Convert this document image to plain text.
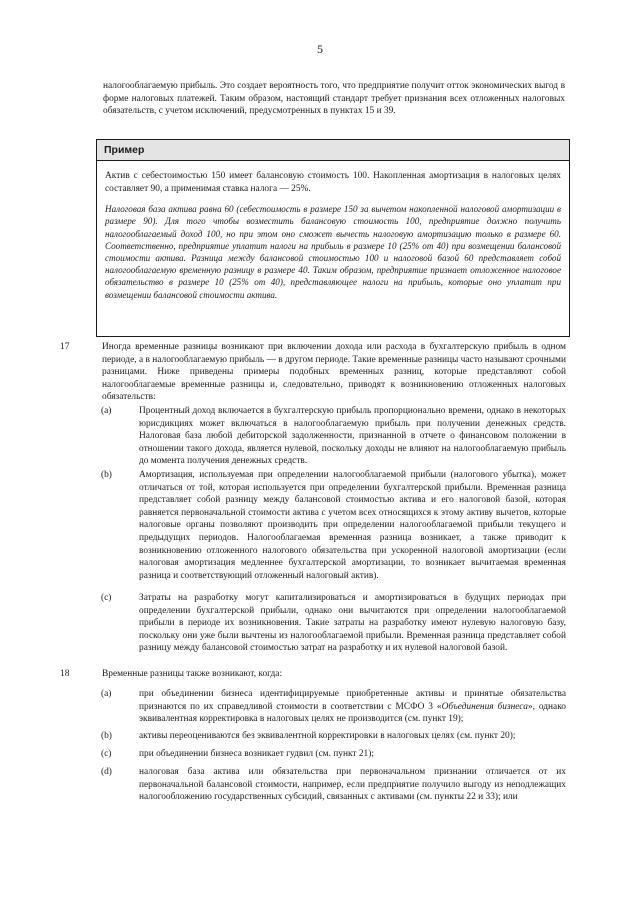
5
налогооблагаемую прибыль. Это создает вероятность того, что предприятие получит отток экономических выгод в форме налоговых платежей. Таким образом, настоящий стандарт требует признания всех отложенных налоговых обязательств, с учетом исключений, предусмотренных в пунктах 15 и 39.
Пример
Актив с себестоимостью 150 имеет балансовую стоимость 100. Накопленная амортизация в налоговых целях составляет 90, а применимая ставка налога — 25%.
Налоговая база актива равна 60 (себестоимость в размере 150 за вычетом накопленной налоговой амортизации в размере 90). Для того чтобы возместить балансовую стоимость 100, предприятие должно получить налогооблагаемый доход 100, но при этом оно сможет вычесть налоговую амортизацию только в размере 60. Соответственно, предприятие уплатит налоги на прибыль в размере 10 (25% от 40) при возмещении балансовой стоимости актива. Разница между балансовой стоимостью 100 и налоговой базой 60 представляет собой налогооблагаемую временную разницу в размере 40. Таким образом, предприятие признает отложенное налоговое обязательство в размере 10 (25% от 40), представляющее налоги на прибыль, которые оно уплатит при возмещении балансовой стоимости актива.
17	Иногда временные разницы возникают при включении дохода или расхода в бухгалтерскую прибыль в одном периоде, а в налогооблагаемую прибыль — в другом периоде. Такие временные разницы часто называют срочными разницами. Ниже приведены примеры подобных временных разниц, которые представляют собой налогооблагаемые временные разницы и, следовательно, приводят к возникновению отложенных налоговых обязательств:
(a)	Процентный доход включается в бухгалтерскую прибыль пропорционально времени, однако в некоторых юрисдикциях может включаться в налогооблагаемую прибыль при получении денежных средств. Налоговая база любой дебиторской задолженности, признанной в отчете о финансовом положении в отношении такого дохода, является нулевой, поскольку доходы не влияют на налогооблагаемую прибыль до момента получения денежных средств.
(b)	Амортизация, используемая при определении налогооблагаемой прибыли (налогового убытка), может отличаться от той, которая используется при определении бухгалтерской прибыли. Временная разница представляет собой разницу между балансовой стоимостью актива и его налоговой базой, которая равняется первоначальной стоимости актива с учетом всех относящихся к этому активу вычетов, которые налоговые органы позволяют производить при определении налогооблагаемой прибыли текущего и предыдущих периодов. Налогооблагаемая временная разница возникает, а также приводит к возникновению отложенного налогового обязательства при ускоренной налоговой амортизации (если налоговая амортизация медленнее бухгалтерской амортизации, то возникает вычитаемая временная разница и соответствующий отложенный налоговый актив).
(c)	Затраты на разработку могут капитализироваться и амортизироваться в будущих периодах при определении бухгалтерской прибыли, однако они вычитаются при определении налогооблагаемой прибыли в периоде их возникновения. Такие затраты на разработку имеют нулевую налоговую базу, поскольку они уже были вычтены из налогооблагаемой прибыли. Временная разница представляет собой разницу между балансовой стоимостью затрат на разработку и их нулевой налоговой базой.
18	Временные разницы также возникают, когда:
(a)	при объединении бизнеса идентифицируемые приобретенные активы и принятые обязательства признаются по их справедливой стоимости в соответствии с МСФО 3 «Объединения бизнеса», однако эквивалентная корректировка в налоговых целях не производится (см. пункт 19);
(b)	активы переоцениваются без эквивалентной корректировки в налоговых целях (см. пункт 20);
(c)	при объединении бизнеса возникает гудвил (см. пункт 21);
(d)	налоговая база актива или обязательства при первоначальном признании отличается от их первоначальной балансовой стоимости, например, если предприятие получило выгоду из неподлежащих налогообложению государственных субсидий, связанных с активами (см. пункты 22 и 33); или
